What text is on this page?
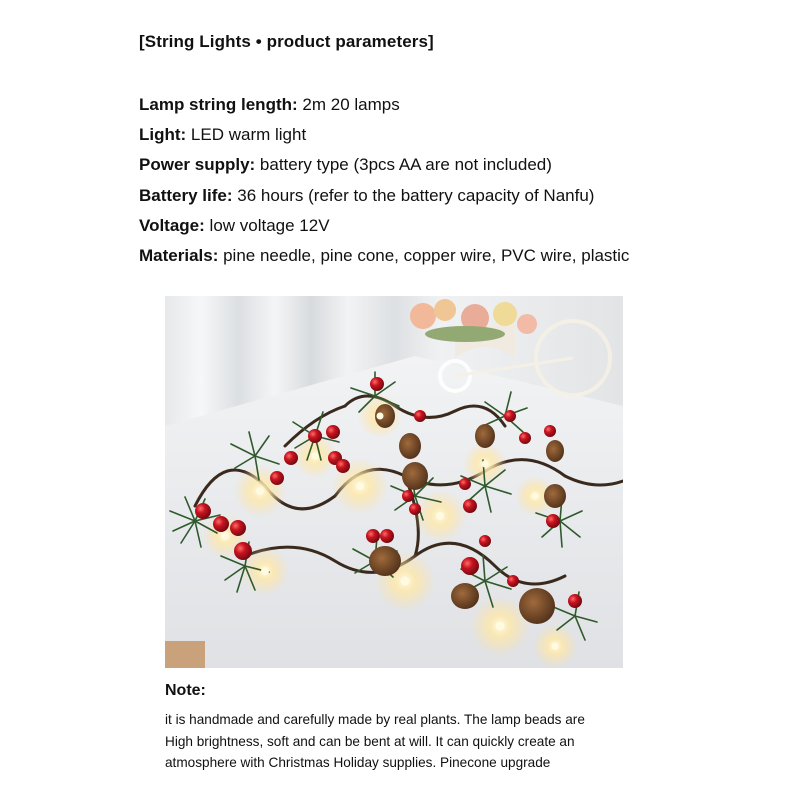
[String Lights • product parameters]
Lamp string length: 2m 20 lamps
Light: LED warm light
Power supply: battery type (3pcs AA are not included)
Battery life: 36 hours (refer to the battery capacity of Nanfu)
Voltage: low voltage 12V
Materials: pine needle, pine cone, copper wire, PVC wire, plastic
Note:
it is handmade and carefully made by real plants. The lamp beads are
High brightness, soft and can be bent at will. It can quickly create an
atmosphere with Christmas Holiday supplies. Pinecone upgrade
